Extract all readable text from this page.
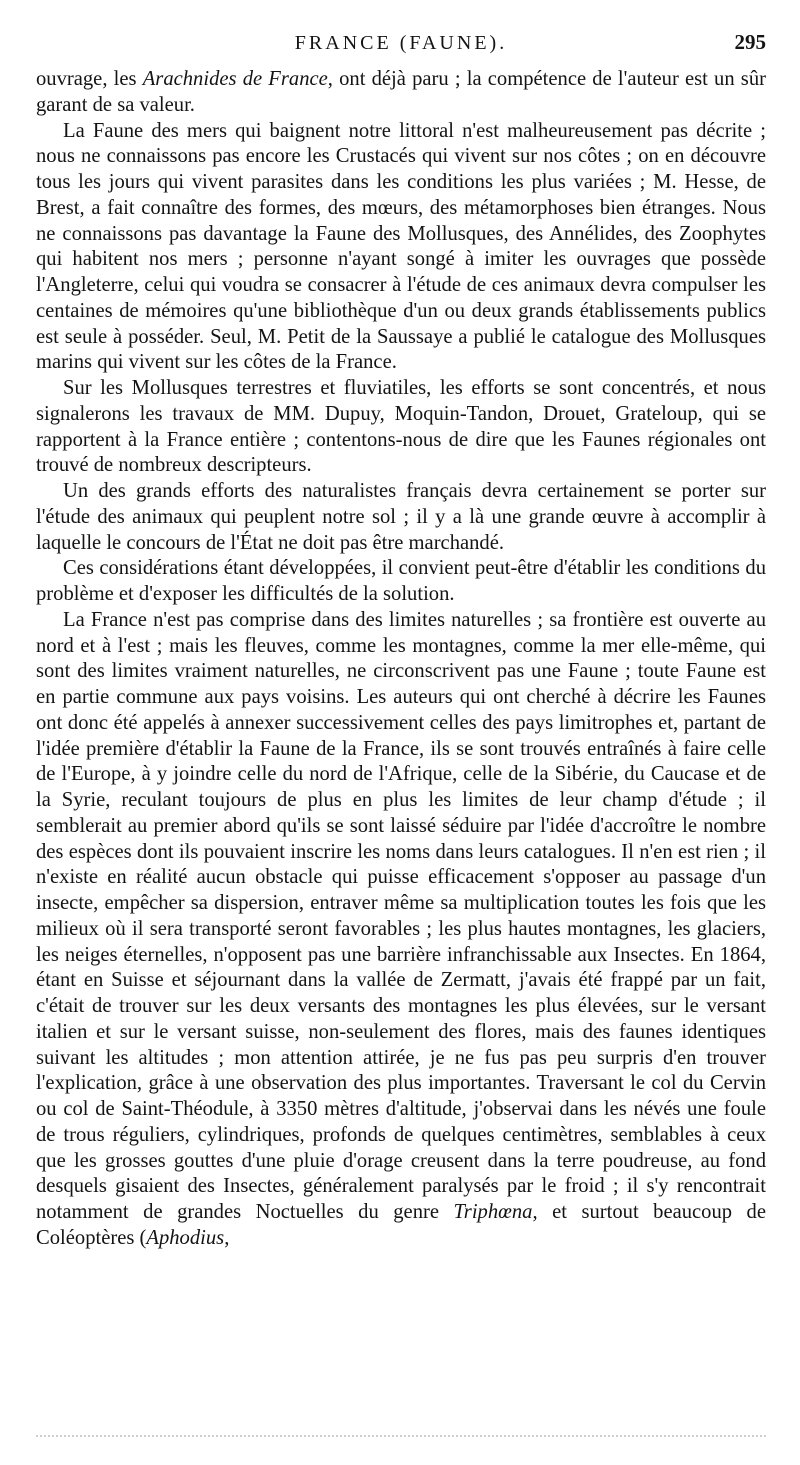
FRANCE (FAUNE).	295

ouvrage, les Arachnides de France, ont déjà paru ; la compétence de l'auteur est un sûr garant de sa valeur.

La Faune des mers qui baignent notre littoral n'est malheureusement pas décrite ; nous ne connaissons pas encore les Crustacés qui vivent sur nos côtes ; on en découvre tous les jours qui vivent parasites dans les conditions les plus variées ; M. Hesse, de Brest, a fait connaître des formes, des mœurs, des métamorphoses bien étranges. Nous ne connaissons pas davantage la Faune des Mollusques, des Annélides, des Zoophytes qui habitent nos mers ; personne n'ayant songé à imiter les ouvrages que possède l'Angleterre, celui qui voudra se consacrer à l'étude de ces animaux devra compulser les centaines de mémoires qu'une bibliothèque d'un ou deux grands établissements publics est seule à posséder. Seul, M. Petit de la Saussaye a publié le catalogue des Mollusques marins qui vivent sur les côtes de la France.

Sur les Mollusques terrestres et fluviatiles, les efforts se sont concentrés, et nous signalerons les travaux de MM. Dupuy, Moquin-Tandon, Drouet, Grateloup, qui se rapportent à la France entière ; contentons-nous de dire que les Faunes régionales ont trouvé de nombreux descripteurs.

Un des grands efforts des naturalistes français devra certainement se porter sur l'étude des animaux qui peuplent notre sol ; il y a là une grande œuvre à accomplir à laquelle le concours de l'État ne doit pas être marchandé.

Ces considérations étant développées, il convient peut-être d'établir les conditions du problème et d'exposer les difficultés de la solution.

La France n'est pas comprise dans des limites naturelles ; sa frontière est ouverte au nord et à l'est ; mais les fleuves, comme les montagnes, comme la mer elle-même, qui sont des limites vraiment naturelles, ne circonscrivent pas une Faune ; toute Faune est en partie commune aux pays voisins. Les auteurs qui ont cherché à décrire les Faunes ont donc été appelés à annexer successivement celles des pays limitrophes et, partant de l'idée première d'établir la Faune de la France, ils se sont trouvés entraînés à faire celle de l'Europe, à y joindre celle du nord de l'Afrique, celle de la Sibérie, du Caucase et de la Syrie, reculant toujours de plus en plus les limites de leur champ d'étude ; il semblerait au premier abord qu'ils se sont laissé séduire par l'idée d'accroître le nombre des espèces dont ils pouvaient inscrire les noms dans leurs catalogues. Il n'en est rien ; il n'existe en réalité aucun obstacle qui puisse efficacement s'opposer au passage d'un insecte, empêcher sa dispersion, entraver même sa multiplication toutes les fois que les milieux où il sera transporté seront favorables ; les plus hautes montagnes, les glaciers, les neiges éternelles, n'opposent pas une barrière infranchissable aux Insectes. En 1864, étant en Suisse et séjournant dans la vallée de Zermatt, j'avais été frappé par un fait, c'était de trouver sur les deux versants des montagnes les plus élevées, sur le versant italien et sur le versant suisse, non-seulement des flores, mais des faunes identiques suivant les altitudes ; mon attention attirée, je ne fus pas peu surpris d'en trouver l'explication, grâce à une observation des plus importantes. Traversant le col du Cervin ou col de Saint-Théodule, à 3350 mètres d'altitude, j'observai dans les névés une foule de trous réguliers, cylindriques, profonds de quelques centimètres, semblables à ceux que les grosses gouttes d'une pluie d'orage creusent dans la terre poudreuse, au fond desquels gisaient des Insectes, généralement paralysés par le froid ; il s'y rencontrait notamment de grandes Noctuelles du genre Triphœna, et surtout beaucoup de Coléoptères (Aphodius,
